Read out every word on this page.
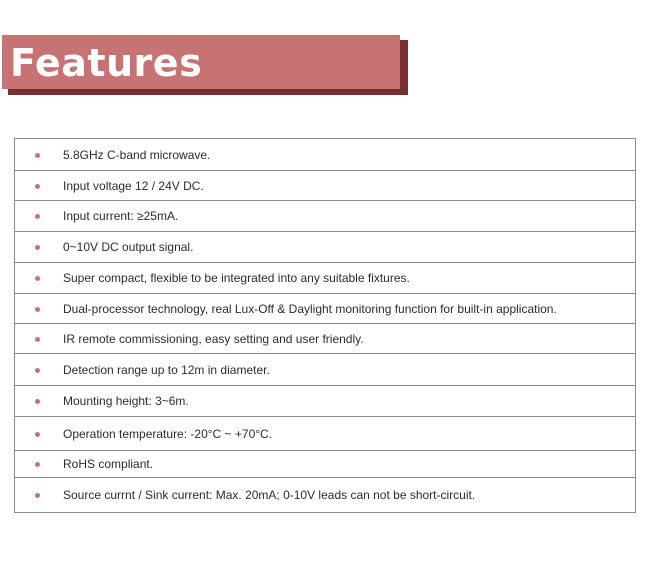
Features
	5.8GHz C-band microwave.
	Input voltage 12 / 24V DC.
	Input current: ≥25mA.
	0~10V DC output signal.
	Super compact, flexible to be integrated into any suitable fixtures.
	Dual-processor technology, real Lux-Off & Daylight monitoring function for built-in application.
	IR remote commissioning, easy setting and user friendly.
	Detection range up to 12m in diameter.
	Mounting height: 3~6m.
	Operation temperature: -20°C ~ +70°C.
	RoHS compliant.
	Source currnt / Sink current: Max. 20mA; 0-10V leads can not be short-circuit.
